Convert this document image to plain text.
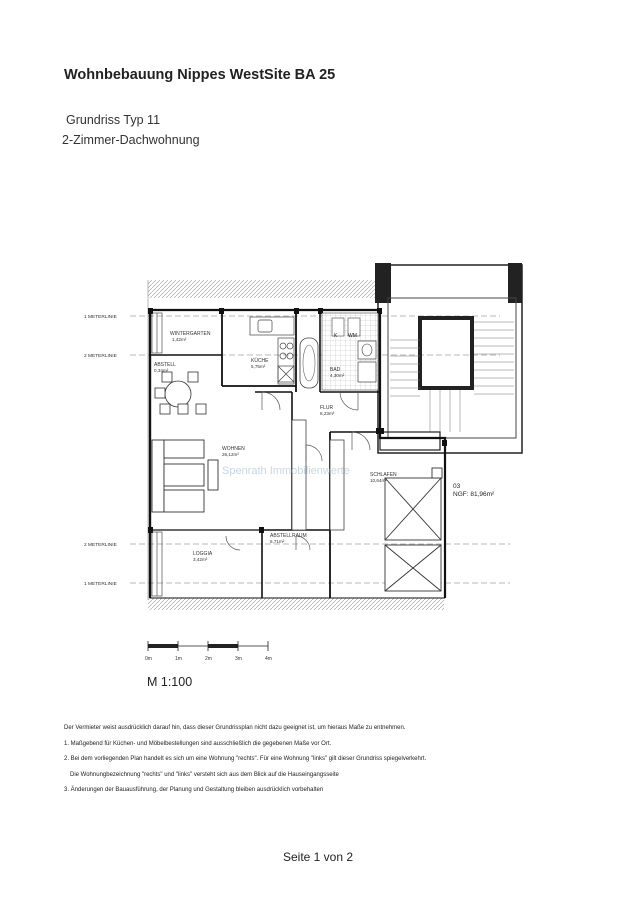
Wohnbebauung Nippes WestSite BA 25
Grundriss Typ 11
2-Zimmer-Dachwohnung
1 METERLINIE
2 METERLINIE
2 METERLINIE
1 METERLINIE
K WM
WINTERGARTEN
1,42m²
KÜCHE
5,75m²
BAD
4,30m²
ABSTELL
0,34m²
FLUR
8,23m²
WOHNEN
26,12m²
SCHLAFEN
10,64m²
LOGGIA
3,42m²
ABSTELLRAUM
5,71m²
03
NGF: 81,96m²
Spenrath Immobilienwerte
0m	1m	2m	3m	4m
M 1:100
Der Vermieter weist ausdrücklich darauf hin, dass dieser Grundrissplan nicht dazu geeignet ist, um hieraus Maße zu entnehmen.
1. Maßgebend für Küchen- und Möbelbestellungen sind ausschließlich die gegebenen Maße vor Ort.
2. Bei dem vorliegenden Plan handelt es sich um eine Wohnung "rechts". Für eine Wohnung "links" gilt dieser Grundriss spiegelverkehrt.
Die Wohnungbezeichnung "rechts" und "links" versteht sich aus dem Blick auf die Hauseingangsseite
3. Änderungen der Bauausführung, der Planung und Gestaltung bleiben ausdrücklich vorbehalten
Seite 1 von 2
